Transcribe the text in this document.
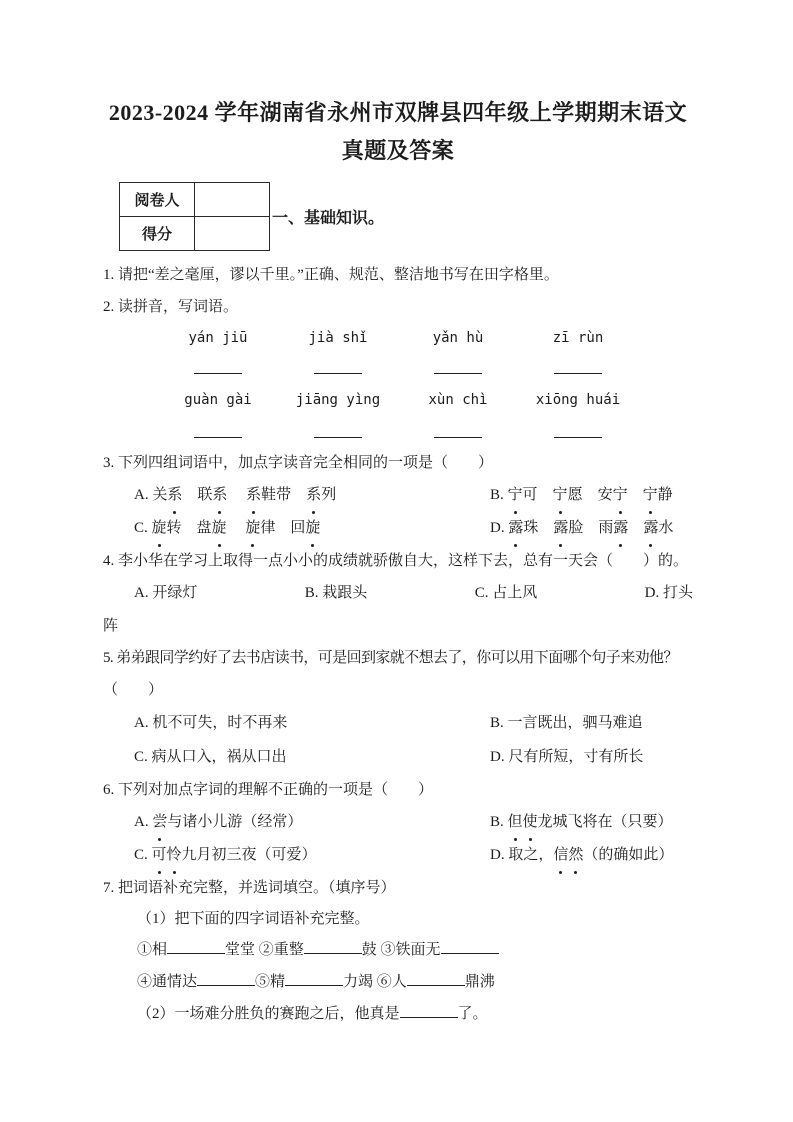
2023-2024 学年湖南省永州市双牌县四年级上学期期末语文
真题及答案
阅卷人	
得分	
一、基础知识。

1. 请把“差之毫厘，谬以千里。”正确、规范、整洁地书写在田字格里。

2. 读拼音，写词语。

yán jiū	jià shǐ	yǎn hù	zī rùn
guàn gài	jiāng yìng	xùn chì	xiōng huái

3. 下列四组词语中，加点字读音完全相同的一项是（　　）

A. 关系　联系　 系鞋带　系列	B. 宁可　宁愿　安宁　 宁静
C. 旋转　盘旋　 旋律　回旋	D. 露珠　露脸　雨露　 露水

4. 李小华在学习上取得一点小小的成绩就骄傲自大，这样下去，总有一天会（　　）的。

A. 开绿灯	B. 栽跟头	C. 占上风	D. 打头

阵

5. 弟弟跟同学约好了去书店读书，可是回到家就不想去了，你可以用下面哪个句子来劝他？

（　　）

A. 机不可失，时不再来	B. 一言既出，驷马难追
C. 病从口入，祸从口出	D. 尺有所短，寸有所长

6. 下列对加点字词的理解不正确的一项是（　　）

A. 尝与诸小儿游（经常）	B. 但使龙城飞将在（只要）
C. 可怜九月初三夜（可爱）	D. 取之，信然（的确如此）

7. 把词语补充完整，并选词填空。（填序号）

（1）把下面的四字词语补充完整。

①相	堂堂 ②重整	鼓 ③铁面无

④通情达	⑤精	力竭 ⑥人	鼎沸

（2）一场难分胜负的赛跑之后，他真是	了。
